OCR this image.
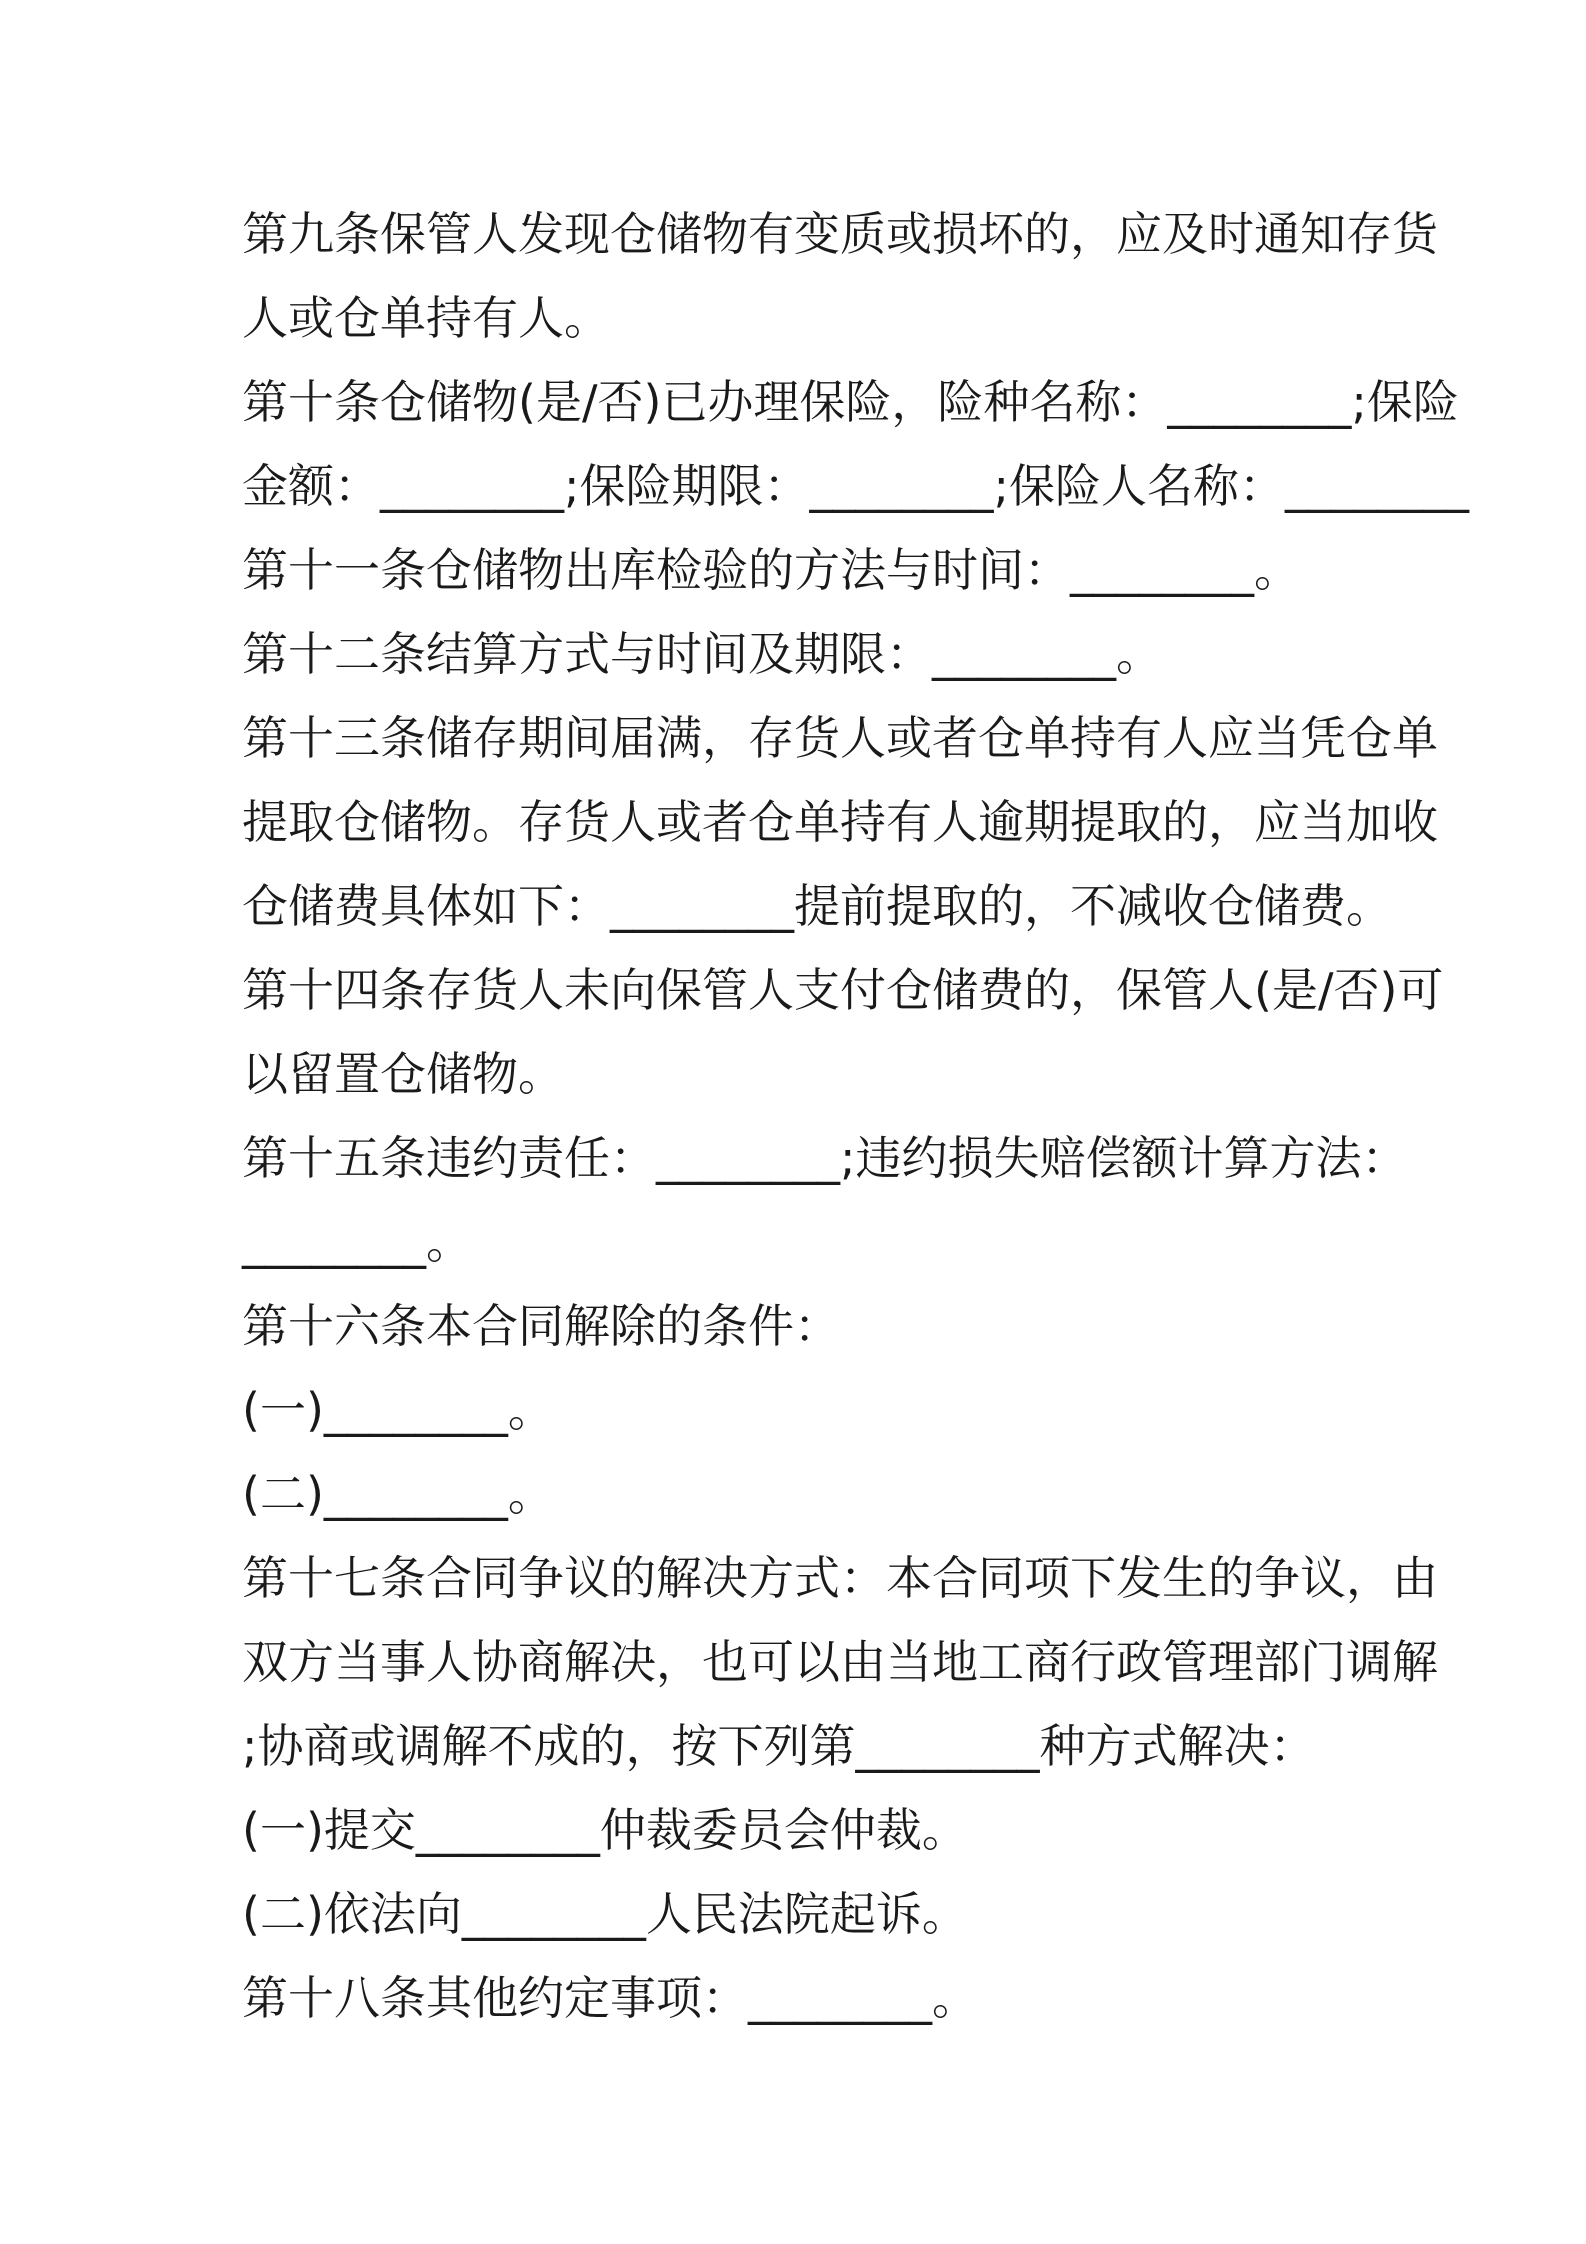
第九条保管人发现仓储物有变质或损坏的，应及时通知存货
人或仓单持有人。
第十条仓储物(是/否)已办理保险，险种名称：________;保险
金额：________;保险期限：________;保险人名称：________
第十一条仓储物出库检验的方法与时间：________。
第十二条结算方式与时间及期限：________。
第十三条储存期间届满，存货人或者仓单持有人应当凭仓单
提取仓储物。存货人或者仓单持有人逾期提取的，应当加收
仓储费具体如下：________提前提取的，不减收仓储费。
第十四条存货人未向保管人支付仓储费的，保管人(是/否)可
以留置仓储物。
第十五条违约责任：________;违约损失赔偿额计算方法：
________。
第十六条本合同解除的条件：
(一)________。
(二)________。
第十七条合同争议的解决方式：本合同项下发生的争议，由
双方当事人协商解决，也可以由当地工商行政管理部门调解
;协商或调解不成的，按下列第________种方式解决：
(一)提交________仲裁委员会仲裁。
(二)依法向________人民法院起诉。
第十八条其他约定事项：________。
